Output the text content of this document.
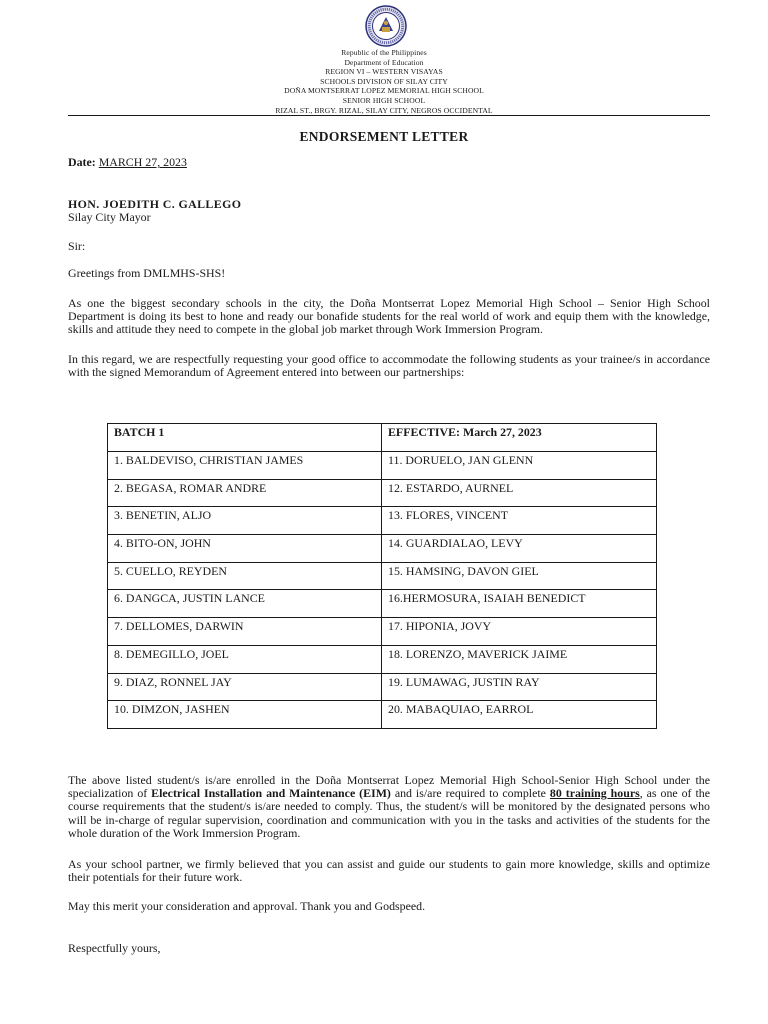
Republic of the Philippines
Department of Education
REGION VI – WESTERN VISAYAS
SCHOOLS DIVISION OF SILAY CITY
DOÑA MONTSERRAT LOPEZ MEMORIAL HIGH SCHOOL
SENIOR HIGH SCHOOL
RIZAL ST., BRGY. RIZAL, SILAY CITY, NEGROS OCCIDENTAL
ENDORSEMENT LETTER
Date: MARCH 27, 2023
HON. JOEDITH C. GALLEGO
Silay City Mayor
Sir:
Greetings from DMLMHS-SHS!
As one the biggest secondary schools in the city, the Doña Montserrat Lopez Memorial High School – Senior High School Department is doing its best to hone and ready our bonafide students for the real world of work and equip them with the knowledge, skills and attitude they need to compete in the global job market through Work Immersion Program.
In this regard, we are respectfully requesting your good office to accommodate the following students as your trainee/s in accordance with the signed Memorandum of Agreement entered into between our partnerships:
BATCH 1	EFFECTIVE: March 27, 2023
1. BALDEVISO, CHRISTIAN JAMES	11. DORUELO, JAN GLENN
2. BEGASA, ROMAR ANDRE	12. ESTARDO, AURNEL
3. BENETIN, ALJO	13. FLORES, VINCENT
4. BITO-ON, JOHN	14. GUARDIALAO, LEVY
5. CUELLO, REYDEN	15. HAMSING, DAVON GIEL
6. DANGCA, JUSTIN LANCE	16.HERMOSURA, ISAIAH BENEDICT
7. DELLOMES, DARWIN	17. HIPONIA, JOVY
8. DEMEGILLO, JOEL	18. LORENZO, MAVERICK JAIME
9. DIAZ, RONNEL JAY	19. LUMAWAG, JUSTIN RAY
10. DIMZON, JASHEN	20. MABAQUIAO, EARROL
The above listed student/s is/are enrolled in the Doña Montserrat Lopez Memorial High School-Senior High School under the specialization of Electrical Installation and Maintenance (EIM) and is/are required to complete 80 training hours, as one of the course requirements that the student/s is/are needed to comply. Thus, the student/s will be monitored by the designated persons who will be in-charge of regular supervision, coordination and communication with you in the tasks and activities of the students for the whole duration of the Work Immersion Program.
As your school partner, we firmly believed that you can assist and guide our students to gain more knowledge, skills and optimize their potentials for their future work.
May this merit your consideration and approval. Thank you and Godspeed.
Respectfully yours,
